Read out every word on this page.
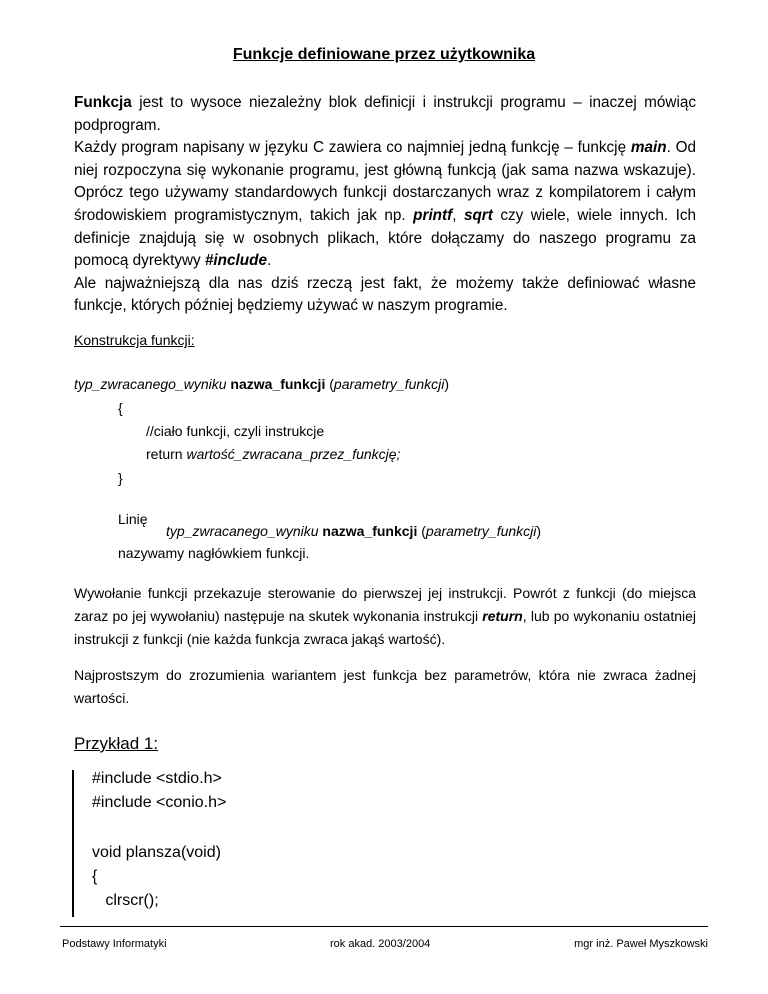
Funkcje definiowane przez użytkownika

Funkcja jest to wysoce niezależny blok definicji i instrukcji programu – inaczej mówiąc podprogram.

Każdy program napisany w języku C zawiera co najmniej jedną funkcję – funkcję main. Od niej rozpoczyna się wykonanie programu, jest główną funkcją (jak sama nazwa wskazuje). Oprócz tego używamy standardowych funkcji dostarczanych wraz z kompilatorem i całym środowiskiem programistycznym, takich jak np. printf, sqrt czy wiele, wiele innych. Ich definicje znajdują się w osobnych plikach, które dołączamy do naszego programu za pomocą dyrektywy #include.

Ale najważniejszą dla nas dziś rzeczą jest fakt, że możemy także definiować własne funkcje, których później będziemy używać w naszym programie.

Konstrukcja funkcji:
typ_zwracanego_wyniku nazwa_funkcji (parametry_funkcji)
{
//ciało funkcji, czyli instrukcje
return wartość_zwracana_przez_funkcję;
}
Linię
typ_zwracanego_wyniku nazwa_funkcji (parametry_funkcji)
nazywamy nagłówkiem funkcji.

Wywołanie funkcji przekazuje sterowanie do pierwszej jej instrukcji. Powrót z funkcji (do miejsca zaraz po jej wywołaniu) następuje na skutek wykonania instrukcji return, lub po wykonaniu ostatniej instrukcji z funkcji (nie każda funkcja zwraca jakąś wartość).

Najprostszym do zrozumienia wariantem jest funkcja bez parametrów, która nie zwraca żadnej wartości.

Przykład 1:
#include <stdio.h>
#include <conio.h>
void plansza(void)
{
clrscr();
Podstawy Informatyki	rok akad. 2003/2004	mgr inż. Paweł Myszkowski
